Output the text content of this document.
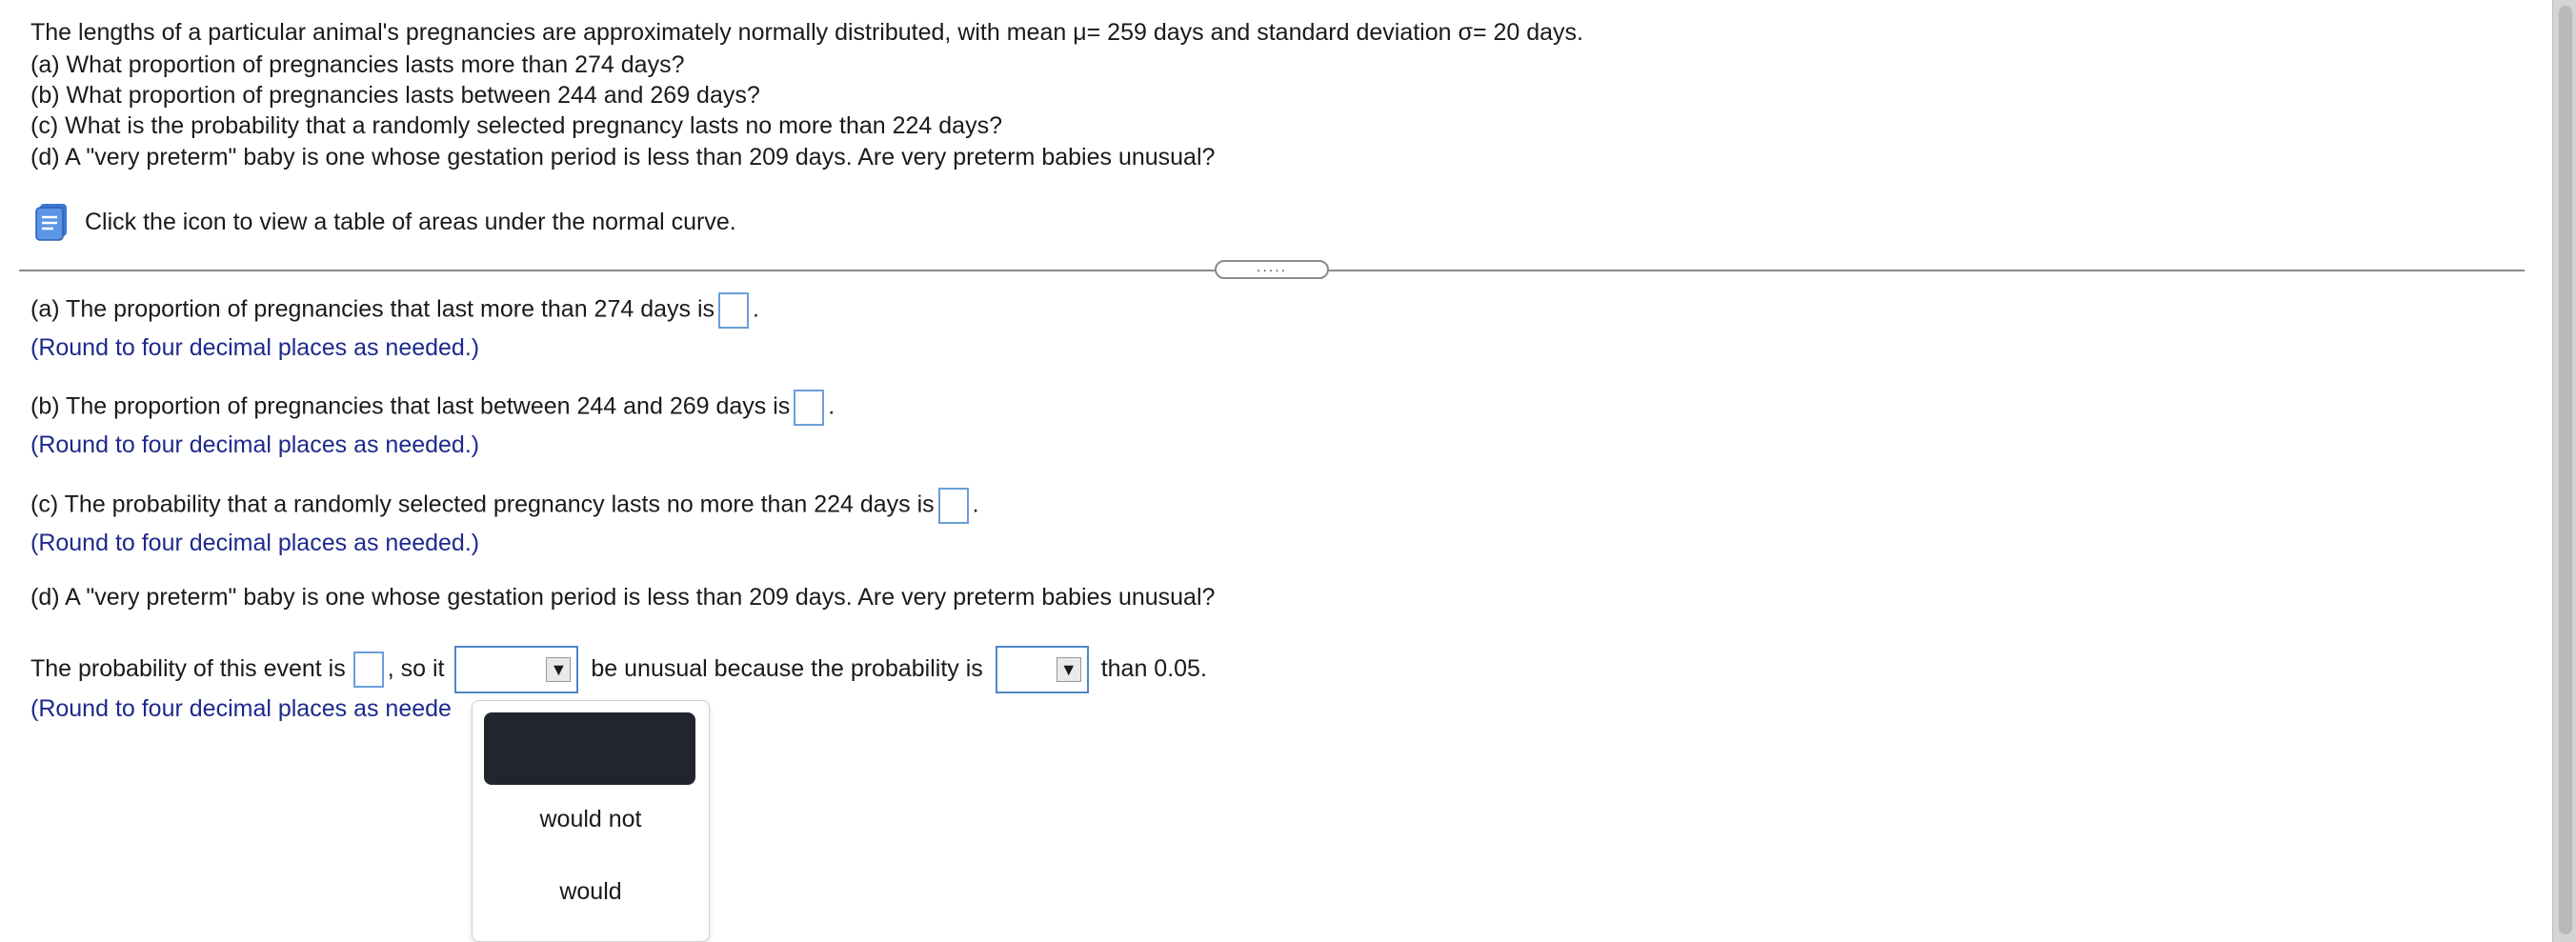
The lengths of a particular animal's pregnancies are approximately normally distributed, with mean μ= 259 days and standard deviation σ= 20 days.
(a) What proportion of pregnancies lasts more than 274 days?
(b) What proportion of pregnancies lasts between 244 and 269 days?
(c) What is the probability that a randomly selected pregnancy lasts no more than 224 days?
(d) A "very preterm" baby is one whose gestation period is less than 209 days. Are very preterm babies unusual?
Click the icon to view a table of areas under the normal curve.
.....
(a) The proportion of pregnancies that last more than 274 days is .
(Round to four decimal places as needed.)
(b) The proportion of pregnancies that last between 244 and 269 days is .
(Round to four decimal places as needed.)
(c) The probability that a randomly selected pregnancy lasts no more than 224 days is .
(Round to four decimal places as needed.)
(d) A "very preterm" baby is one whose gestation period is less than 209 days. Are very preterm babies unusual?
The probability of this event is , so it	▼ be unusual because the probability is	▼ than 0.05.
(Round to four decimal places as neede
would not
would
